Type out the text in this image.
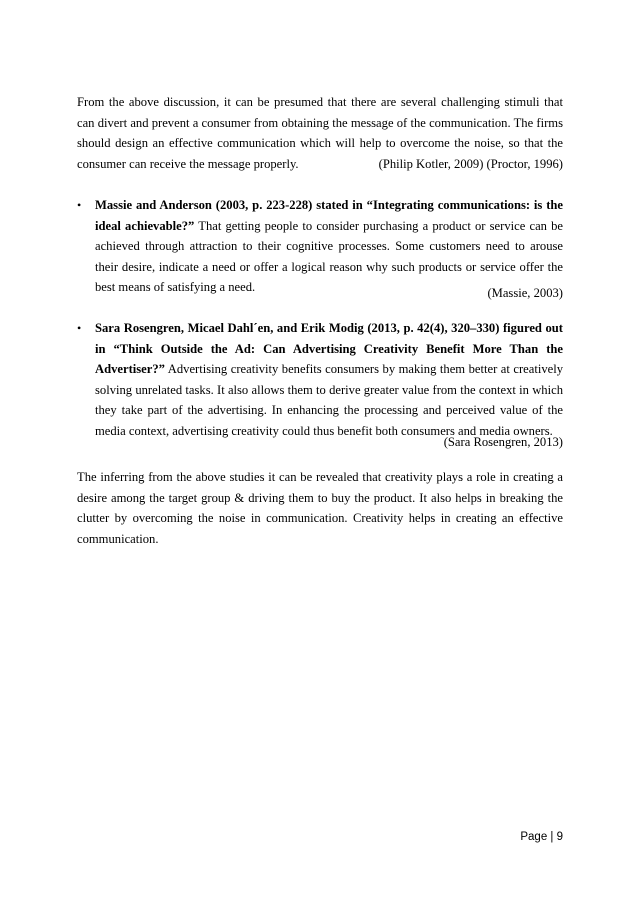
From the above discussion, it can be presumed that there are several challenging stimuli that can divert and prevent a consumer from obtaining the message of the communication. The firms should design an effective communication which will help to overcome the noise, so that the consumer can receive the message properly.	(Philip Kotler, 2009) (Proctor, 1996)
•	Massie and Anderson (2003, p. 223-228) stated in “Integrating communications: is the ideal achievable?” That getting people to consider purchasing a product or service can be achieved through attraction to their cognitive processes. Some customers need to arouse their desire, indicate a need or offer a logical reason why such products or service offer the best means of satisfying a need.	(Massie, 2003)
•	Sara Rosengren, Micael Dahl´en, and Erik Modig (2013, p. 42(4), 320–330) figured out in “Think Outside the Ad: Can Advertising Creativity Benefit More Than the Advertiser?” Advertising creativity benefits consumers by making them better at creatively solving unrelated tasks. It also allows them to derive greater value from the context in which they take part of the advertising. In enhancing the processing and perceived value of the media context, advertising creativity could thus benefit both consumers and media owners.

(Sara Rosengren, 2013)

The inferring from the above studies it can be revealed that creativity plays a role in creating a desire among the target group & driving them to buy the product. It also helps in breaking the clutter by overcoming the noise in communication. Creativity helps in creating an effective communication.

Page | 9
